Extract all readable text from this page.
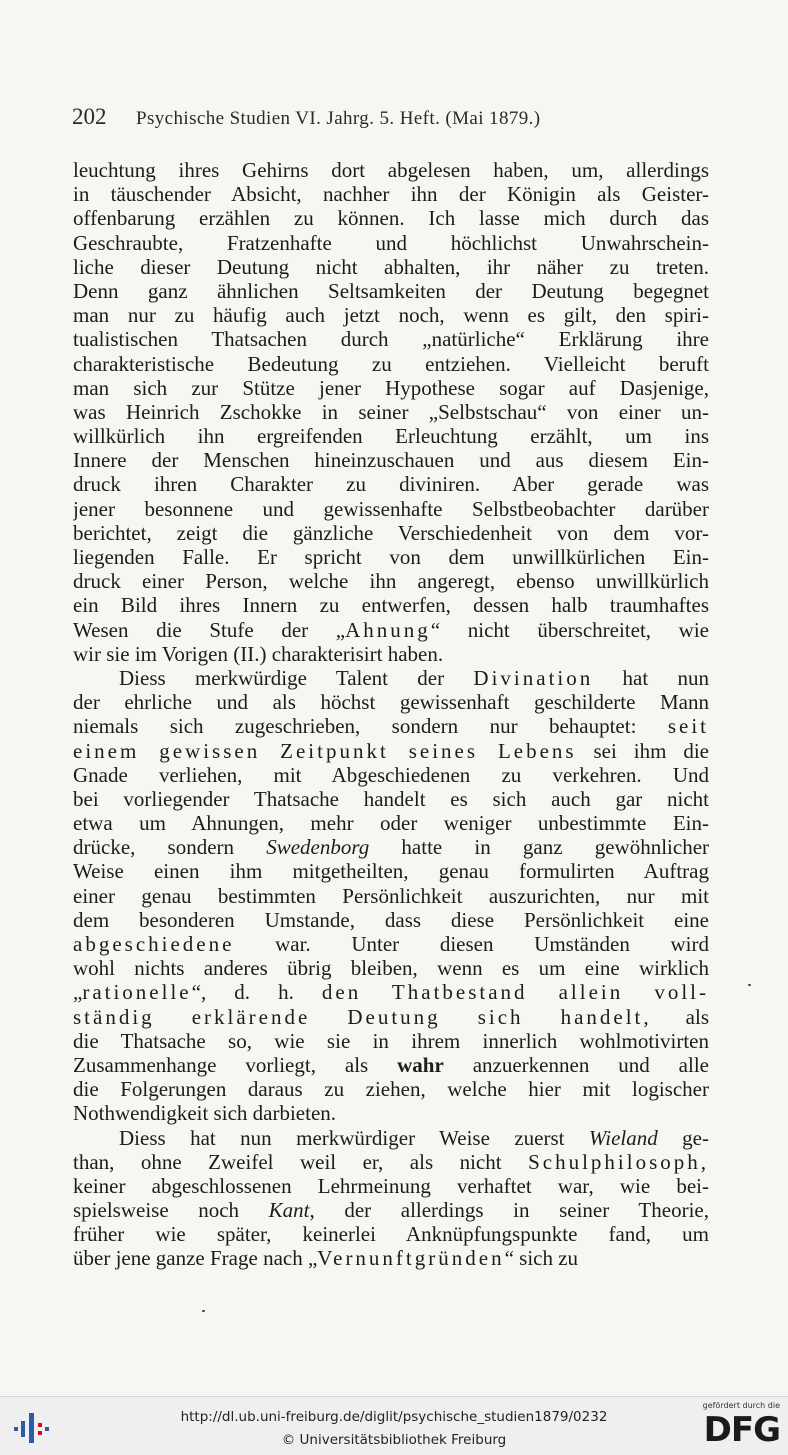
202 Psychische Studien VI. Jahrg. 5. Heft. (Mai 1879.)
leuchtung ihres Gehirns dort abgelesen haben, um, allerdings
in täuschender Absicht, nachher ihn der Königin als Geister-
offenbarung erzählen zu können. Ich lasse mich durch das
Geschraubte, Fratzenhafte und höchlichst Unwahrschein-
liche dieser Deutung nicht abhalten, ihr näher zu treten.
Denn ganz ähnlichen Seltsamkeiten der Deutung begegnet
man nur zu häufig auch jetzt noch, wenn es gilt, den spiri-
tualistischen Thatsachen durch „natürliche“ Erklärung ihre
charakteristische Bedeutung zu entziehen. Vielleicht beruft
man sich zur Stütze jener Hypothese sogar auf Dasjenige,
was Heinrich Zschokke in seiner „Selbstschau“ von einer un-
willkürlich ihn ergreifenden Erleuchtung erzählt, um ins
Innere der Menschen hineinzuschauen und aus diesem Ein-
druck ihren Charakter zu diviniren. Aber gerade was
jener besonnene und gewissenhafte Selbstbeobachter darüber
berichtet, zeigt die gänzliche Verschiedenheit von dem vor-
liegenden Falle. Er spricht von dem unwillkürlichen Ein-
druck einer Person, welche ihn angeregt, ebenso unwillkürlich
ein Bild ihres Innern zu entwerfen, dessen halb traumhaftes
Wesen die Stufe der „Ahnung“ nicht überschreitet, wie
wir sie im Vorigen (II.) charakterisirt haben.
Diess merkwürdige Talent der Divination hat nun
der ehrliche und als höchst gewissenhaft geschilderte Mann
niemals sich zugeschrieben, sondern nur behauptet: seit
einem gewissen Zeitpunkt seines Lebens sei ihm die
Gnade verliehen, mit Abgeschiedenen zu verkehren. Und
bei vorliegender Thatsache handelt es sich auch gar nicht
etwa um Ahnungen, mehr oder weniger unbestimmte Ein-
drücke, sondern Swedenborg hatte in ganz gewöhnlicher
Weise einen ihm mitgetheilten, genau formulirten Auftrag
einer genau bestimmten Persönlichkeit auszurichten, nur mit
dem besonderen Umstande, dass diese Persönlichkeit eine
abgeschiedene war. Unter diesen Umständen wird
wohl nichts anderes übrig bleiben, wenn es um eine wirklich
„rationelle“, d. h. den Thatbestand allein voll-
ständig erklärende Deutung sich handelt, als
die Thatsache so, wie sie in ihrem innerlich wohlmotivirten
Zusammenhange vorliegt, als wahr anzuerkennen und alle
die Folgerungen daraus zu ziehen, welche hier mit logischer
Nothwendigkeit sich darbieten.
Diess hat nun merkwürdiger Weise zuerst Wieland ge-
than, ohne Zweifel weil er, als nicht Schulphilosoph,
keiner abgeschlossenen Lehrmeinung verhaftet war, wie bei-
spielsweise noch Kant, der allerdings in seiner Theorie,
früher wie später, keinerlei Anknüpfungspunkte fand, um
über jene ganze Frage nach „Vernunftgründen“ sich zu
http://dl.ub.uni-freiburg.de/diglit/psychische_studien1879/0232
© Universitätsbibliothek Freiburg
gefördert durch die
DFG
